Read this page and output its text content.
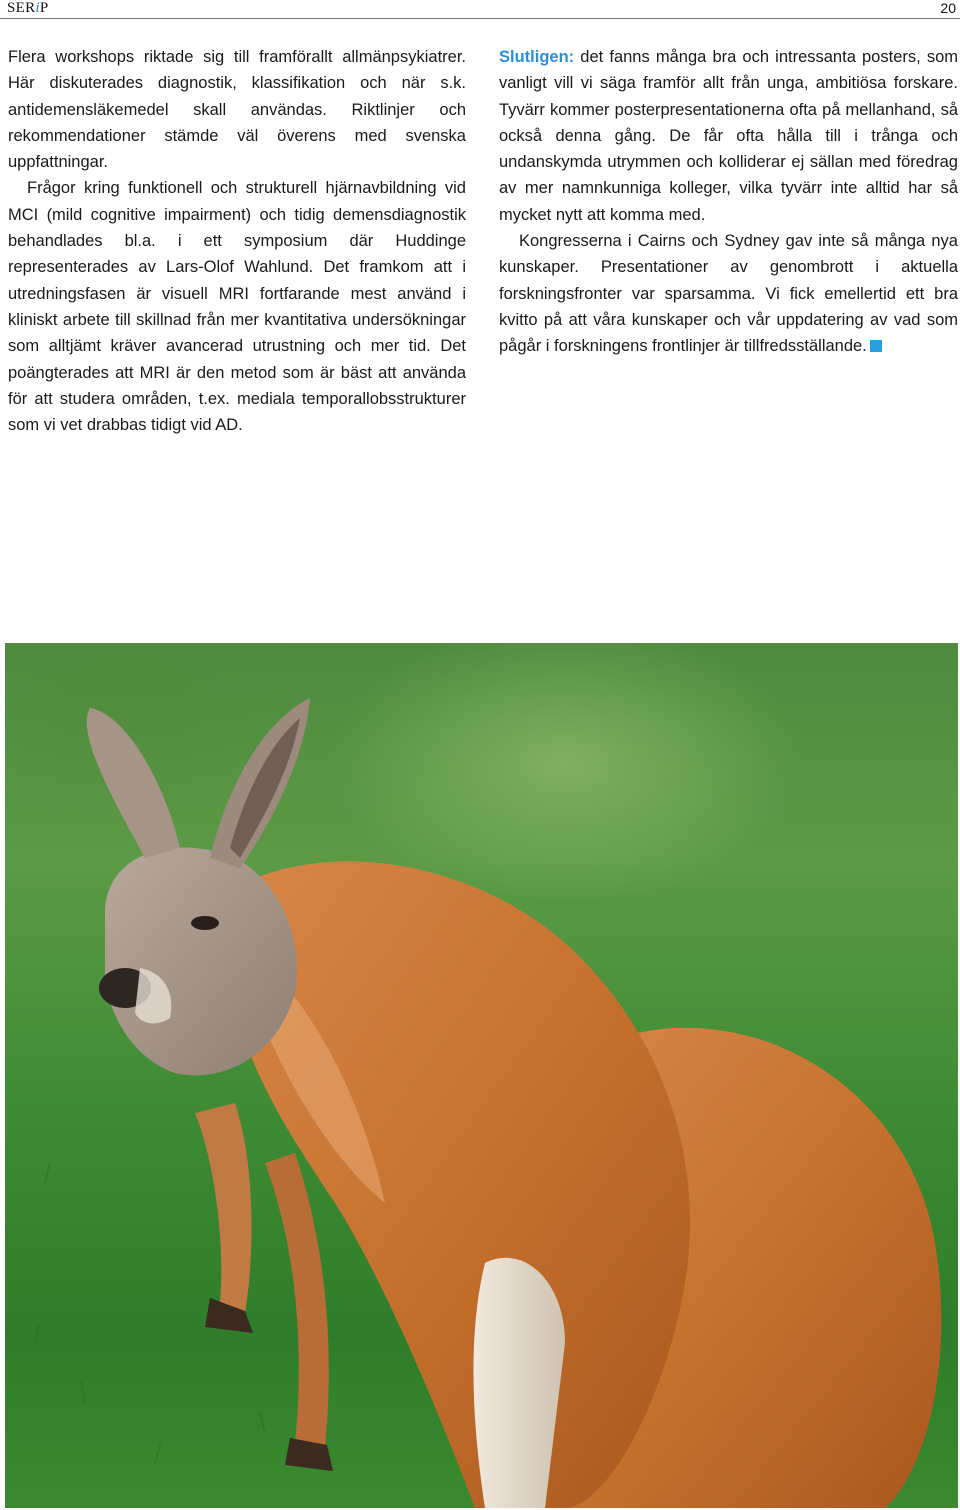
SERiP	20

Flera workshops riktade sig till framförallt allmänpsykiatrer. Här diskuterades diagnostik, klassifikation och när s.k. antidemensläkemedel skall användas. Riktlinjer och rekommendationer stämde väl överens med svenska uppfattningar.

Frågor kring funktionell och strukturell hjärnavbildning vid MCI (mild cognitive impairment) och tidig demensdiagnostik behandlades bl.a. i ett symposium där Huddinge representerades av Lars-Olof Wahlund. Det framkom att i utredningsfasen är visuell MRI fortfarande mest använd i kliniskt arbete till skillnad från mer kvantitativa undersökningar som alltjämt kräver avancerad utrustning och mer tid. Det poängterades att MRI är den metod som är bäst att använda för att studera områden, t.ex. mediala temporallobsstrukturer som vi vet drabbas tidigt vid AD.

Slutligen: det fanns många bra och intressanta posters, som vanligt vill vi säga framför allt från unga, ambitiösa forskare. Tyvärr kommer posterpresentationerna ofta på mellanhand, så också denna gång. De får ofta hålla till i trånga och undanskymda utrymmen och kolliderar ej sällan med föredrag av mer namnkunniga kolleger, vilka tyvärr inte alltid har så mycket nytt att komma med.

Kongresserna i Cairns och Sydney gav inte så många nya kunskaper. Presentationer av genombrott i aktuella forskningsfronter var sparsamma. Vi fick emellertid ett bra kvitto på att våra kunskaper och vår uppdatering av vad som pågår i forskningens frontlinjer är tillfredsställande.
